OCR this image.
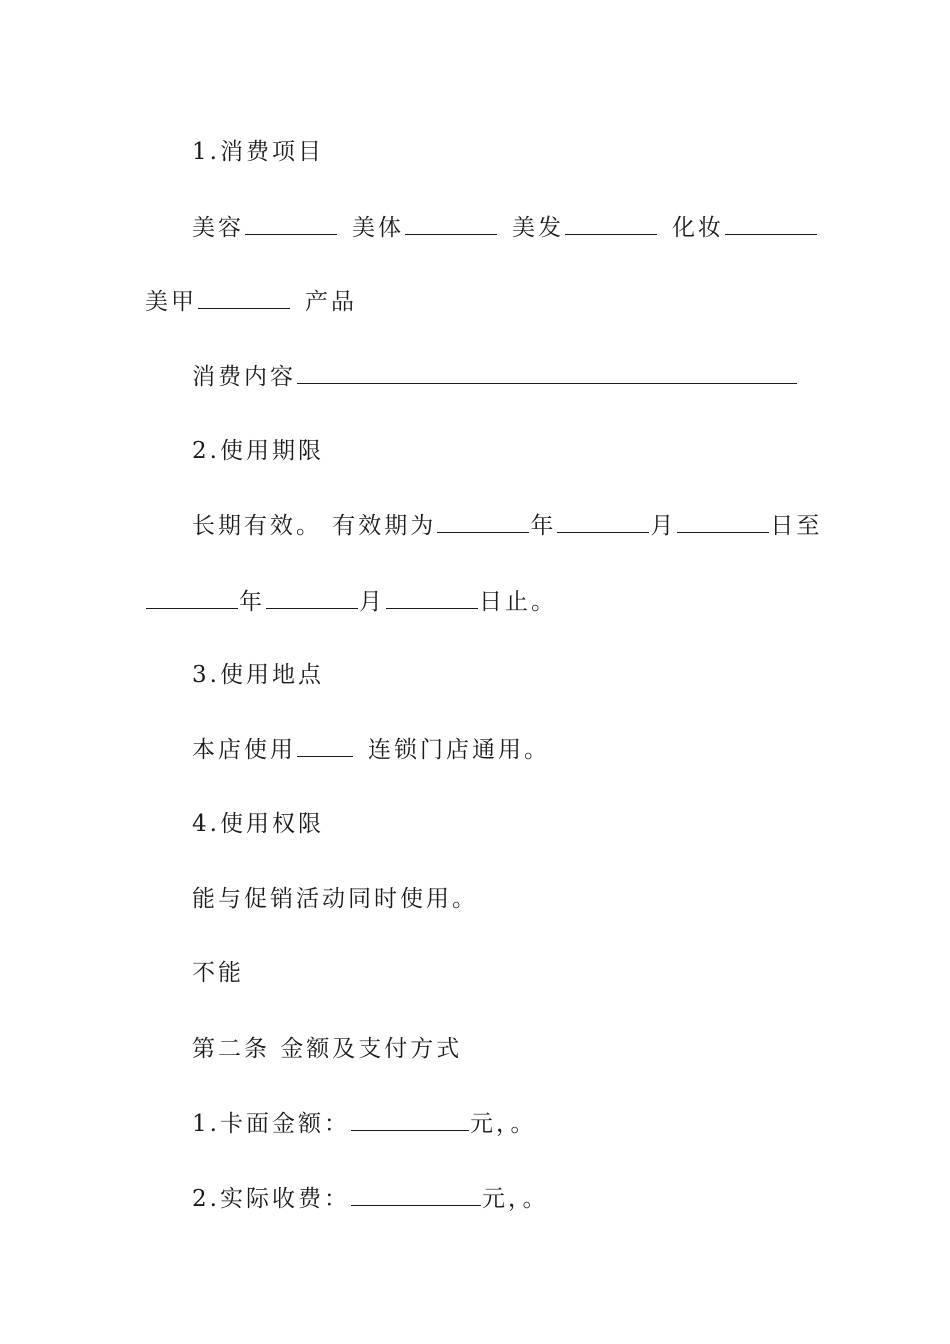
1.消费项目

美容	美体	美发	化妆

美甲	产品

消费内容

2.使用期限

长期有效。 有效期为	年	月	日至

年	月	日止。

3.使用地点

本店使用	连锁门店通用。

4.使用权限

能与促销活动同时使用。

不能

第二条 金额及支付方式

1.卡面金额：	元，。

2.实际收费：	元，。
